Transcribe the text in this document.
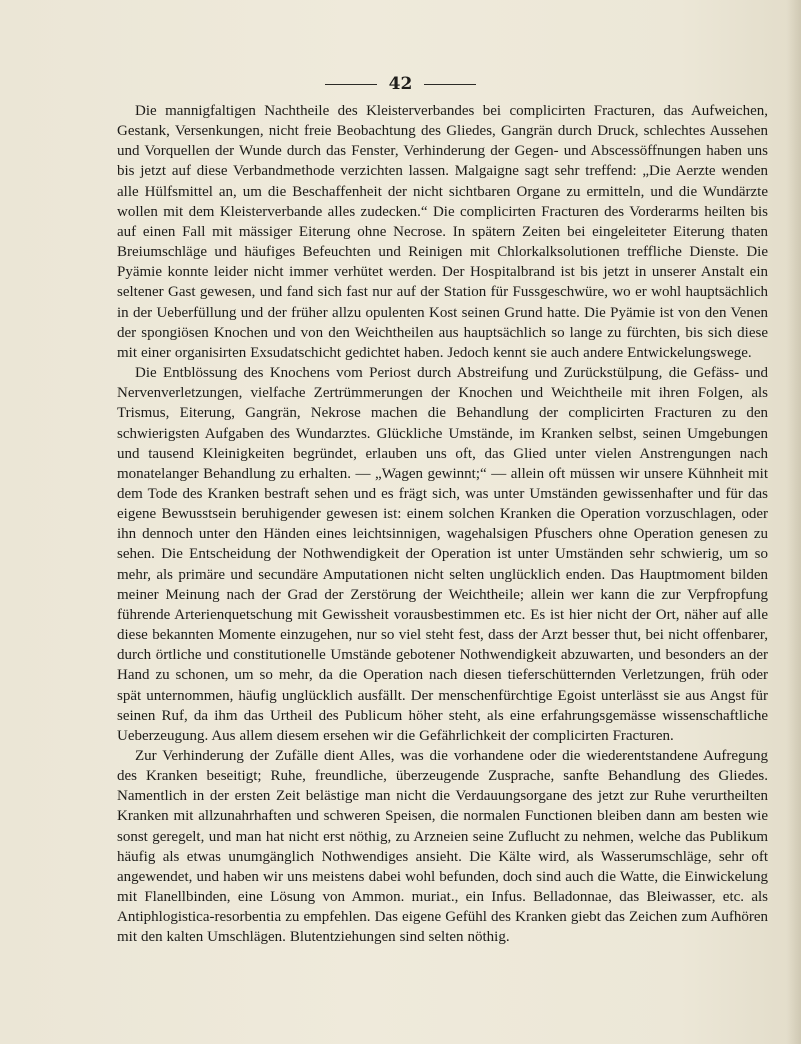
42

Die mannigfaltigen Nachtheile des Kleisterverbandes bei complicirten Fracturen, das Aufweichen, Gestank, Versenkungen, nicht freie Beobachtung des Gliedes, Gangrän durch Druck, schlechtes Aussehen und Vorquellen der Wunde durch das Fenster, Verhinderung der Gegen- und Abscessöffnungen haben uns bis jetzt auf diese Verbandmethode verzichten lassen. Malgaigne sagt sehr treffend: „Die Aerzte wenden alle Hülfsmittel an, um die Beschaffenheit der nicht sichtbaren Organe zu ermitteln, und die Wundärzte wollen mit dem Kleisterverbande alles zudecken.“ Die complicirten Fracturen des Vorderarms heilten bis auf einen Fall mit mässiger Eiterung ohne Necrose. In spätern Zeiten bei eingeleiteter Eiterung thaten Breiumschläge und häufiges Befeuchten und Reinigen mit Chlorkalksolutionen treffliche Dienste. Die Pyämie konnte leider nicht immer verhütet werden. Der Hospitalbrand ist bis jetzt in unserer Anstalt ein seltener Gast gewesen, und fand sich fast nur auf der Station für Fussgeschwüre, wo er wohl hauptsächlich in der Ueberfüllung und der früher allzu opulenten Kost seinen Grund hatte. Die Pyämie ist von den Venen der spongiösen Knochen und von den Weichtheilen aus hauptsächlich so lange zu fürchten, bis sich diese mit einer organisirten Exsudatschicht gedichtet haben. Jedoch kennt sie auch andere Entwickelungswege.

Die Entblössung des Knochens vom Periost durch Abstreifung und Zurückstülpung, die Gefäss- und Nervenverletzungen, vielfache Zertrümmerungen der Knochen und Weichtheile mit ihren Folgen, als Trismus, Eiterung, Gangrän, Nekrose machen die Behandlung der complicirten Fracturen zu den schwierigsten Aufgaben des Wundarztes. Glückliche Umstände, im Kranken selbst, seinen Umgebungen und tausend Kleinigkeiten begründet, erlauben uns oft, das Glied unter vielen Anstrengungen nach monatelanger Behandlung zu erhalten. — „Wagen gewinnt;“ — allein oft müssen wir unsere Kühnheit mit dem Tode des Kranken bestraft sehen und es frägt sich, was unter Umständen gewissenhafter und für das eigene Bewusstsein beruhigender gewesen ist: einem solchen Kranken die Operation vorzuschlagen, oder ihn dennoch unter den Händen eines leichtsinnigen, wagehalsigen Pfuschers ohne Operation genesen zu sehen. Die Entscheidung der Nothwendigkeit der Operation ist unter Umständen sehr schwierig, um so mehr, als primäre und secundäre Amputationen nicht selten unglücklich enden. Das Hauptmoment bilden meiner Meinung nach der Grad der Zerstörung der Weichtheile; allein wer kann die zur Verpfropfung führende Arterienquetschung mit Gewissheit vorausbestimmen etc. Es ist hier nicht der Ort, näher auf alle diese bekannten Momente einzugehen, nur so viel steht fest, dass der Arzt besser thut, bei nicht offenbarer, durch örtliche und constitutionelle Umstände gebotener Nothwendigkeit abzuwarten, und besonders an der Hand zu schonen, um so mehr, da die Operation nach diesen tieferschütternden Verletzungen, früh oder spät unternommen, häufig unglücklich ausfällt. Der menschenfürchtige Egoist unterlässt sie aus Angst für seinen Ruf, da ihm das Urtheil des Publicum höher steht, als eine erfahrungsgemässe wissenschaftliche Ueberzeugung. Aus allem diesem ersehen wir die Gefährlichkeit der complicirten Fracturen.

Zur Verhinderung der Zufälle dient Alles, was die vorhandene oder die wiederentstandene Aufregung des Kranken beseitigt; Ruhe, freundliche, überzeugende Zusprache, sanfte Behandlung des Gliedes. Namentlich in der ersten Zeit belästige man nicht die Verdauungsorgane des jetzt zur Ruhe verurtheilten Kranken mit allzunahrhaften und schweren Speisen, die normalen Functionen bleiben dann am besten wie sonst geregelt, und man hat nicht erst nöthig, zu Arzneien seine Zuflucht zu nehmen, welche das Publikum häufig als etwas unumgänglich Nothwendiges ansieht. Die Kälte wird, als Wasserumschläge, sehr oft angewendet, und haben wir uns meistens dabei wohl befunden, doch sind auch die Watte, die Einwickelung mit Flanellbinden, eine Lösung von Ammon. muriat., ein Infus. Belladonnae, das Bleiwasser, etc. als Antiphlogistica-resorbentia zu empfehlen. Das eigene Gefühl des Kranken giebt das Zeichen zum Aufhören mit den kalten Umschlägen. Blutentziehungen sind selten nöthig.
